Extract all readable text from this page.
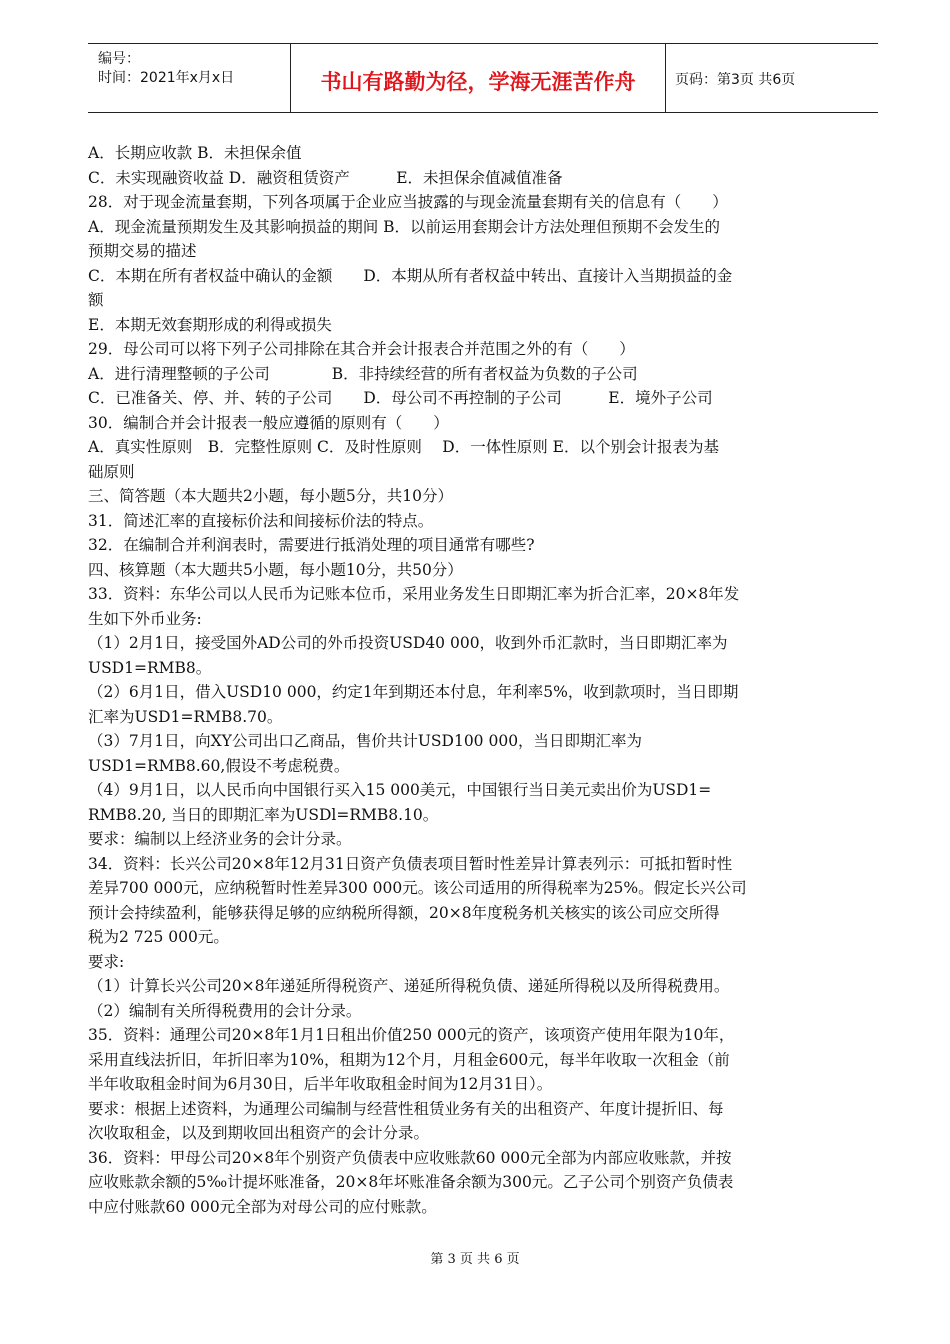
编号：
时间：2021年x月x日	书山有路勤为径，学海无涯苦作舟	页码：第3页 共6页
A．长期应收款 B．未担保余值
C．未实现融资收益 D．融资租赁资产　　　E．未担保余值减值准备
28．对于现金流量套期，下列各项属于企业应当披露的与现金流量套期有关的信息有（　　）
A．现金流量预期发生及其影响损益的期间 B．以前运用套期会计方法处理但预期不会发生的
预期交易的描述
C．本期在所有者权益中确认的金额　　D．本期从所有者权益中转出、直接计入当期损益的金
额
E．本期无效套期形成的利得或损失
29．母公司可以将下列子公司排除在其合并会计报表合并范围之外的有（　　）
A．进行清理整顿的子公司　　　　B．非持续经营的所有者权益为负数的子公司
C．已准备关、停、并、转的子公司　　D．母公司不再控制的子公司　　　E．境外子公司
30．编制合并会计报表一般应遵循的原则有（　　）
A．真实性原则　B．完整性原则 C．及时性原则　 D．一体性原则 E．以个别会计报表为基
础原则
三、简答题（本大题共2小题，每小题5分，共10分）
31．简述汇率的直接标价法和间接标价法的特点。
32．在编制合并利润表时，需要进行抵消处理的项目通常有哪些?
四、核算题（本大题共5小题，每小题10分，共50分）
33．资料：东华公司以人民币为记账本位币，采用业务发生日即期汇率为折合汇率，20×8年发
生如下外币业务:
（1）2月1日，接受国外AD公司的外币投资USD40 000，收到外币汇款时，当日即期汇率为
USD1=RMB8。
（2）6月1日，借入USD10 000，约定1年到期还本付息，年利率5%，收到款项时，当日即期
汇率为USD1=RMB8.70。
（3）7月1日，向XY公司出口乙商品，售价共计USD100 000，当日即期汇率为
USD1=RMB8.60,假设不考虑税费。
（4）9月1日，以人民币向中国银行买入15 000美元，中国银行当日美元卖出价为USD1=
RMB8.20, 当日的即期汇率为USDl=RMB8.10。
要求：编制以上经济业务的会计分录。
34．资料：长兴公司20×8年12月31日资产负债表项目暂时性差异计算表列示：可抵扣暂时性
差异700 000元，应纳税暂时性差异300 000元。该公司适用的所得税率为25%。假定长兴公司
预计会持续盈利，能够获得足够的应纳税所得额，20×8年度税务机关核实的该公司应交所得
税为2 725 000元。
要求:
（1）计算长兴公司20×8年递延所得税资产、递延所得税负债、递延所得税以及所得税费用。
（2）编制有关所得税费用的会计分录。
35．资料：通理公司20×8年1月1日租出价值250 000元的资产，该项资产使用年限为10年，
采用直线法折旧，年折旧率为10%，租期为12个月，月租金600元，每半年收取一次租金（前
半年收取租金时间为6月30日，后半年收取租金时间为12月31日）。
要求：根据上述资料，为通理公司编制与经营性租赁业务有关的出租资产、年度计提折旧、每
次收取租金，以及到期收回出租资产的会计分录。
36．资料：甲母公司20×8年个别资产负债表中应收账款60 000元全部为内部应收账款，并按
应收账款余额的5‰计提坏账准备，20×8年坏账准备余额为300元。乙子公司个别资产负债表
中应付账款60 000元全部为对母公司的应付账款。
第 3 页 共 6 页
